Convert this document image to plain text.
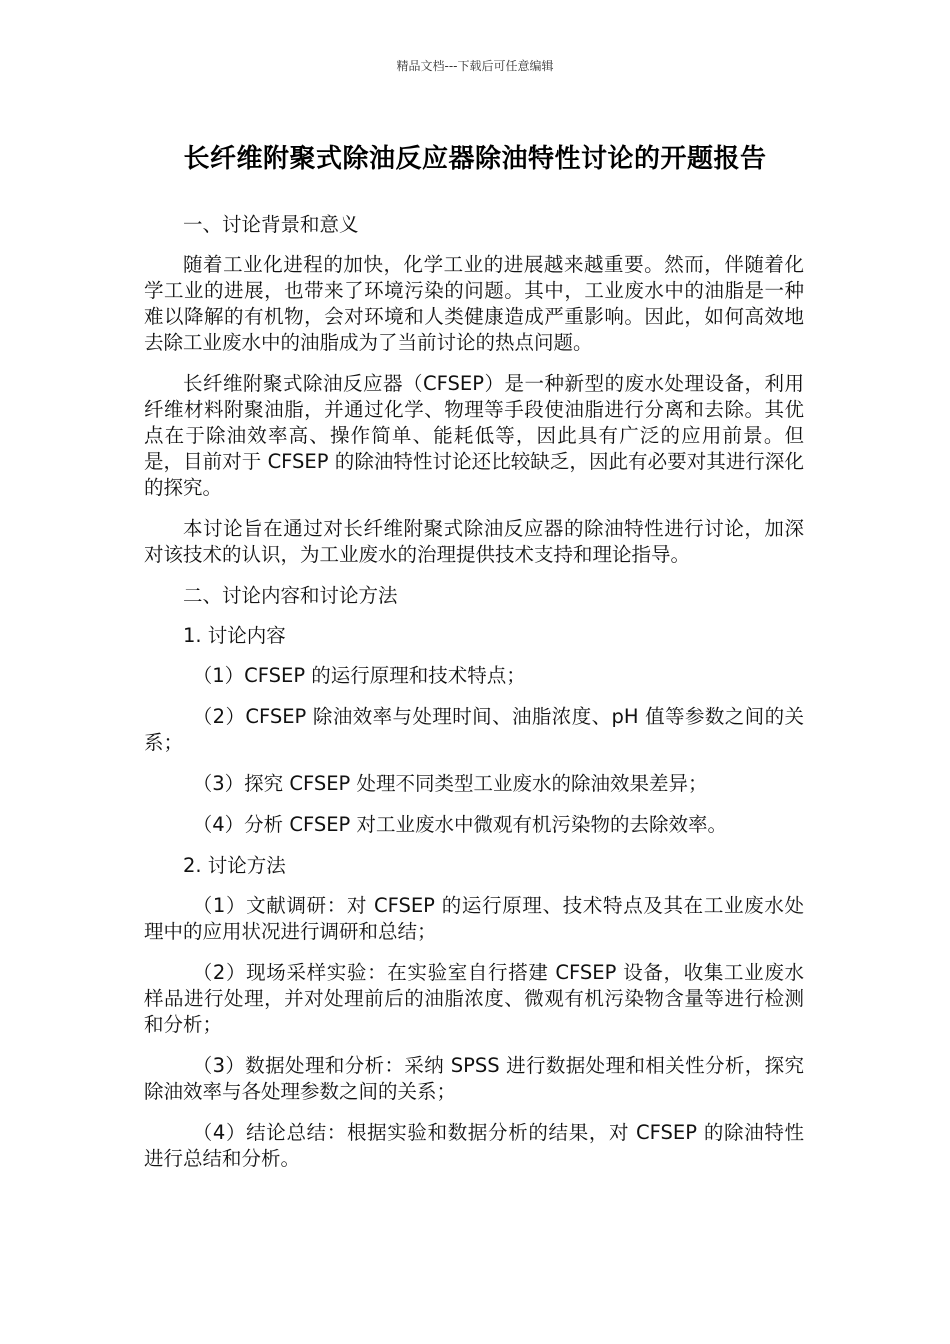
精品文档---下载后可任意编辑
长纤维附聚式除油反应器除油特性讨论的开题报告

一、讨论背景和意义

随着工业化进程的加快，化学工业的进展越来越重要。然而，伴随着化学工业的进展，也带来了环境污染的问题。其中，工业废水中的油脂是一种难以降解的有机物，会对环境和人类健康造成严重影响。因此，如何高效地去除工业废水中的油脂成为了当前讨论的热点问题。

长纤维附聚式除油反应器（CFSEP）是一种新型的废水处理设备，利用纤维材料附聚油脂，并通过化学、物理等手段使油脂进行分离和去除。其优点在于除油效率高、操作简单、能耗低等，因此具有广泛的应用前景。但是，目前对于 CFSEP 的除油特性讨论还比较缺乏，因此有必要对其进行深化的探究。

本讨论旨在通过对长纤维附聚式除油反应器的除油特性进行讨论，加深对该技术的认识，为工业废水的治理提供技术支持和理论指导。

二、讨论内容和讨论方法

1. 讨论内容

（1）CFSEP 的运行原理和技术特点；

（2）CFSEP 除油效率与处理时间、油脂浓度、pH 值等参数之间的关系；

（3）探究 CFSEP 处理不同类型工业废水的除油效果差异；

（4）分析 CFSEP 对工业废水中微观有机污染物的去除效率。

2. 讨论方法

（1）文献调研：对 CFSEP 的运行原理、技术特点及其在工业废水处理中的应用状况进行调研和总结；

（2）现场采样实验：在实验室自行搭建 CFSEP 设备，收集工业废水样品进行处理，并对处理前后的油脂浓度、微观有机污染物含量等进行检测和分析；

（3）数据处理和分析：采纳 SPSS 进行数据处理和相关性分析，探究除油效率与各处理参数之间的关系；

（4）结论总结：根据实验和数据分析的结果，对 CFSEP 的除油特性进行总结和分析。
